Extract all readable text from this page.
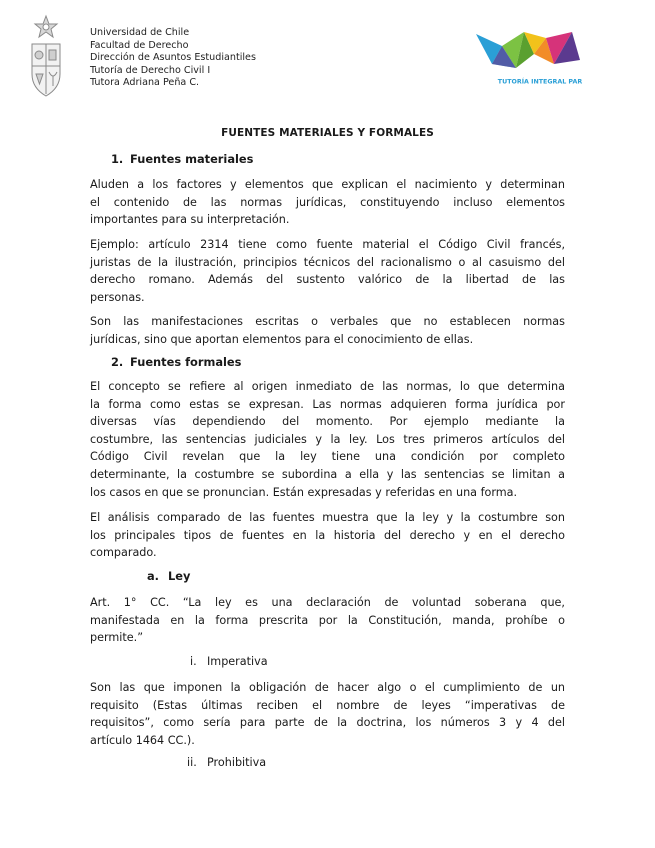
Universidad de Chile
Facultad de Derecho
Dirección de Asuntos Estudiantiles
Tutoría de Derecho Civil I
Tutora Adriana Peña C.	TUTORÍA INTEGRAL PAR
FUENTES MATERIALES Y FORMALES
1. Fuentes materiales
Aluden a los factores y elementos que explican el nacimiento y determinan
el contenido de las normas jurídicas, constituyendo incluso elementos
importantes para su interpretación.
Ejemplo: artículo 2314 tiene como fuente material el Código Civil francés,
juristas de la ilustración, principios técnicos del racionalismo o al casuismo del
derecho romano. Además del sustento valórico de la libertad de las
personas.
Son las manifestaciones escritas o verbales que no establecen normas
jurídicas, sino que aportan elementos para el conocimiento de ellas.
2. Fuentes formales
El concepto se refiere al origen inmediato de las normas, lo que determina
la forma como estas se expresan. Las normas adquieren forma jurídica por
diversas vías dependiendo del momento. Por ejemplo mediante la
costumbre, las sentencias judiciales y la ley. Los tres primeros artículos del
Código Civil revelan que la ley tiene una condición por completo
determinante, la costumbre se subordina a ella y las sentencias se limitan a
los casos en que se pronuncian. Están expresadas y referidas en una forma.
El análisis comparado de las fuentes muestra que la ley y la costumbre son
los principales tipos de fuentes en la historia del derecho y en el derecho
comparado.
a. Ley
Art. 1° CC. “La ley es una declaración de voluntad soberana que,
manifestada en la forma prescrita por la Constitución, manda, prohíbe o
permite.”
i. Imperativa
Son las que imponen la obligación de hacer algo o el cumplimiento de un
requisito (Estas últimas reciben el nombre de leyes “imperativas de
requisitos”, como sería para parte de la doctrina, los números 3 y 4 del
artículo 1464 CC.).
ii. Prohibitiva
